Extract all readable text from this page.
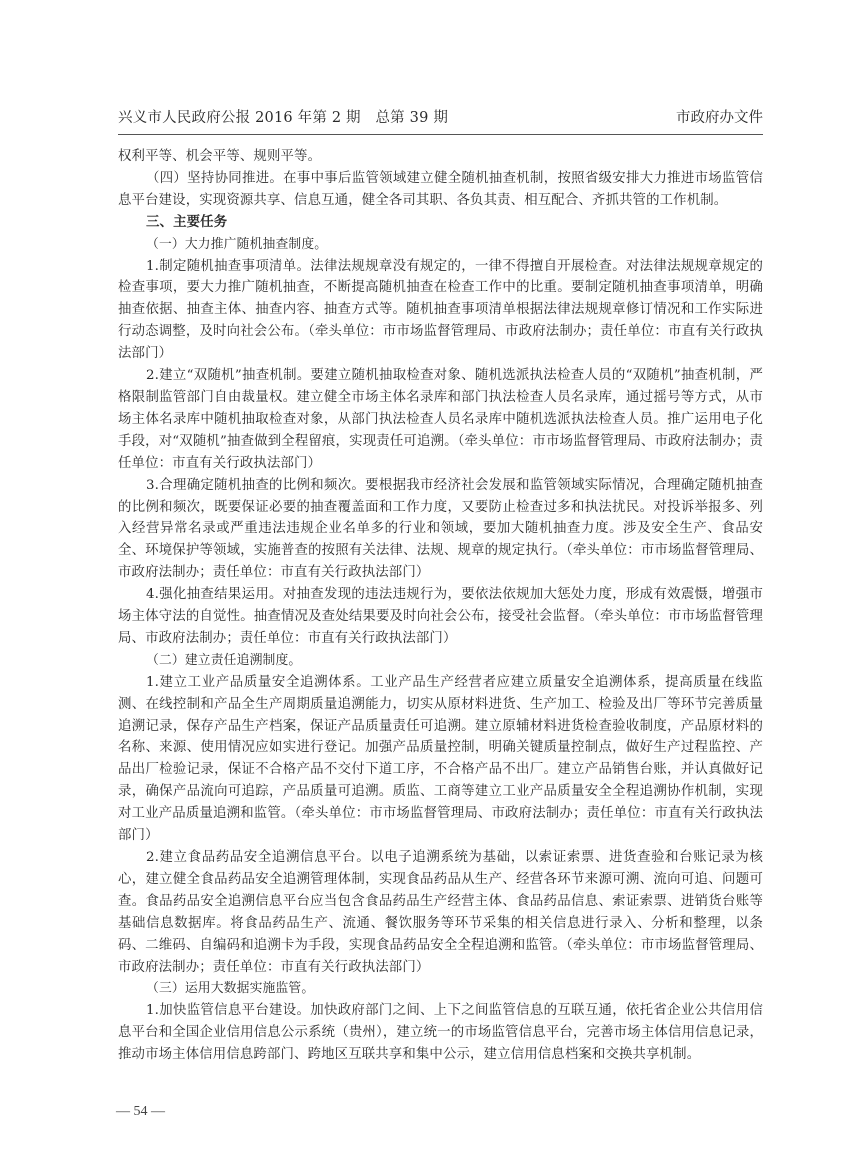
兴义市人民政府公报 2016 年第 2 期　总第 39 期	市政府办文件

权利平等、机会平等、规则平等。

（四）坚持协同推进。在事中事后监管领域建立健全随机抽查机制，按照省级安排大力推进市场监管信息平台建设，实现资源共享、信息互通，健全各司其职、各负其责、相互配合、齐抓共管的工作机制。

三、主要任务

（一）大力推广随机抽查制度。

1.制定随机抽查事项清单。法律法规规章没有规定的，一律不得擅自开展检查。对法律法规规章规定的检查事项，要大力推广随机抽查，不断提高随机抽查在检查工作中的比重。要制定随机抽查事项清单，明确抽查依据、抽查主体、抽查内容、抽查方式等。随机抽查事项清单根据法律法规规章修订情况和工作实际进行动态调整，及时向社会公布。（牵头单位：市市场监督管理局、市政府法制办；责任单位：市直有关行政执法部门）

2.建立“双随机”抽查机制。要建立随机抽取检查对象、随机选派执法检查人员的“双随机”抽查机制，严格限制监管部门自由裁量权。建立健全市场主体名录库和部门执法检查人员名录库，通过摇号等方式，从市场主体名录库中随机抽取检查对象，从部门执法检查人员名录库中随机选派执法检查人员。推广运用电子化手段，对“双随机”抽查做到全程留痕，实现责任可追溯。（牵头单位：市市场监督管理局、市政府法制办；责任单位：市直有关行政执法部门）

3.合理确定随机抽查的比例和频次。要根据我市经济社会发展和监管领域实际情况，合理确定随机抽查的比例和频次，既要保证必要的抽查覆盖面和工作力度，又要防止检查过多和执法扰民。对投诉举报多、列入经营异常名录或严重违法违规企业名单多的行业和领域，要加大随机抽查力度。涉及安全生产、食品安全、环境保护等领域，实施普查的按照有关法律、法规、规章的规定执行。（牵头单位：市市场监督管理局、市政府法制办；责任单位：市直有关行政执法部门）

4.强化抽查结果运用。对抽查发现的违法违规行为，要依法依规加大惩处力度，形成有效震慑，增强市场主体守法的自觉性。抽查情况及查处结果要及时向社会公布，接受社会监督。（牵头单位：市市场监督管理局、市政府法制办；责任单位：市直有关行政执法部门）

（二）建立责任追溯制度。

1.建立工业产品质量安全追溯体系。工业产品生产经营者应建立质量安全追溯体系，提高质量在线监测、在线控制和产品全生产周期质量追溯能力，切实从原材料进货、生产加工、检验及出厂等环节完善质量追溯记录，保存产品生产档案，保证产品质量责任可追溯。建立原辅材料进货检查验收制度，产品原材料的名称、来源、使用情况应如实进行登记。加强产品质量控制，明确关键质量控制点，做好生产过程监控、产品出厂检验记录，保证不合格产品不交付下道工序，不合格产品不出厂。建立产品销售台账，并认真做好记录，确保产品流向可追踪，产品质量可追溯。质监、工商等建立工业产品质量安全全程追溯协作机制，实现对工业产品质量追溯和监管。（牵头单位：市市场监督管理局、市政府法制办；责任单位：市直有关行政执法部门）

2.建立食品药品安全追溯信息平台。以电子追溯系统为基础，以索证索票、进货查验和台账记录为核心，建立健全食品药品安全追溯管理体制，实现食品药品从生产、经营各环节来源可溯、流向可追、问题可查。食品药品安全追溯信息平台应当包含食品药品生产经营主体、食品药品信息、索证索票、进销货台账等基础信息数据库。将食品药品生产、流通、餐饮服务等环节采集的相关信息进行录入、分析和整理，以条码、二维码、自编码和追溯卡为手段，实现食品药品安全全程追溯和监管。（牵头单位：市市场监督管理局、市政府法制办；责任单位：市直有关行政执法部门）

（三）运用大数据实施监管。

1.加快监管信息平台建设。加快政府部门之间、上下之间监管信息的互联互通，依托省企业公共信用信息平台和全国企业信用信息公示系统（贵州），建立统一的市场监管信息平台，完善市场主体信用信息记录，推动市场主体信用信息跨部门、跨地区互联共享和集中公示，建立信用信息档案和交换共享机制。

— 54 —
